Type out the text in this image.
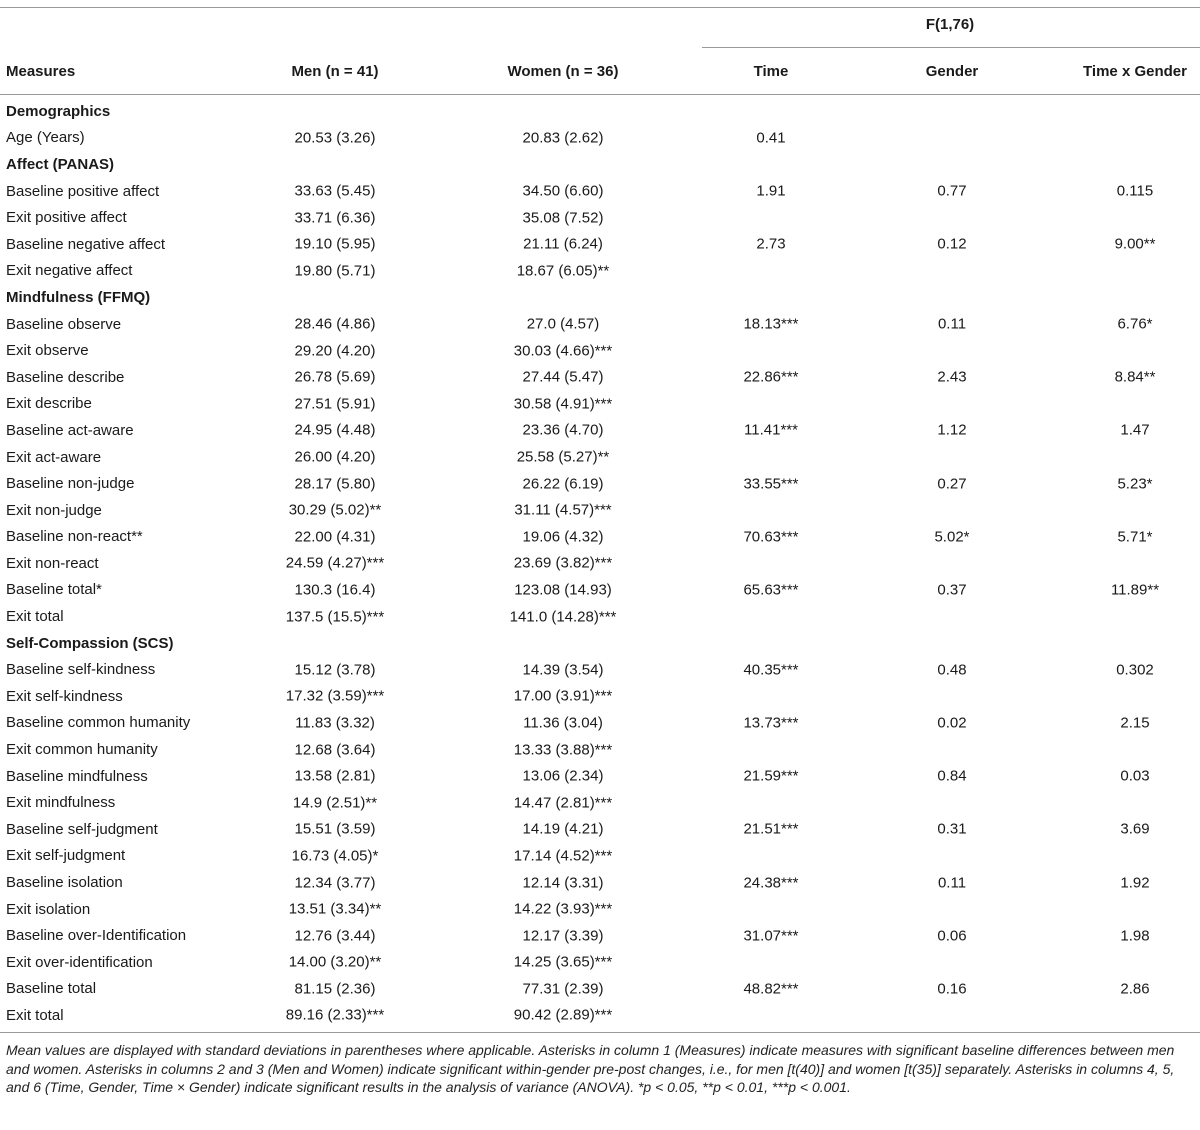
F(1,76)
Measures	Men (n = 41)	Women (n = 36)	Time	Gender	Time x Gender
Demographics
Age (Years)	20.53 (3.26)	20.83 (2.62)	0.41

Affect (PANAS)
Baseline positive affect	33.63 (5.45)	34.50 (6.60)	1.91	0.77	0.115

Exit positive affect	33.71 (6.36)	35.08 (7.52)

Baseline negative affect	19.10 (5.95)	21.11 (6.24)	2.73	0.12	9.00**

Exit negative affect	19.80 (5.71)	18.67 (6.05)**

Mindfulness (FFMQ)
Baseline observe	28.46 (4.86)	27.0 (4.57)	18.13***	0.11	6.76*

Exit observe	29.20 (4.20)	30.03 (4.66)***

Baseline describe	26.78 (5.69)	27.44 (5.47)	22.86***	2.43	8.84**

Exit describe	27.51 (5.91)	30.58 (4.91)***

Baseline act-aware	24.95 (4.48)	23.36 (4.70)	11.41***	1.12	1.47

Exit act-aware	26.00 (4.20)	25.58 (5.27)**

Baseline non-judge	28.17 (5.80)	26.22 (6.19)	33.55***	0.27	5.23*

Exit non-judge	30.29 (5.02)**	31.11 (4.57)***

Baseline non-react**	22.00 (4.31)	19.06 (4.32)	70.63***	5.02*	5.71*

Exit non-react	24.59 (4.27)***	23.69 (3.82)***

Baseline total*	130.3 (16.4)	123.08 (14.93)	65.63***	0.37	11.89**

Exit total	137.5 (15.5)***	141.0 (14.28)***

Self-Compassion (SCS)
Baseline self-kindness	15.12 (3.78)	14.39 (3.54)	40.35***	0.48	0.302

Exit self-kindness	17.32 (3.59)***	17.00 (3.91)***

Baseline common humanity	11.83 (3.32)	11.36 (3.04)	13.73***	0.02	2.15

Exit common humanity	12.68 (3.64)	13.33 (3.88)***

Baseline mindfulness	13.58 (2.81)	13.06 (2.34)	21.59***	0.84	0.03

Exit mindfulness	14.9 (2.51)**	14.47 (2.81)***

Baseline self-judgment	15.51 (3.59)	14.19 (4.21)	21.51***	0.31	3.69

Exit self-judgment	16.73 (4.05)*	17.14 (4.52)***

Baseline isolation	12.34 (3.77)	12.14 (3.31)	24.38***	0.11	1.92

Exit isolation	13.51 (3.34)**	14.22 (3.93)***

Baseline over-Identification	12.76 (3.44)	12.17 (3.39)	31.07***	0.06	1.98

Exit over-identification	14.00 (3.20)**	14.25 (3.65)***

Baseline total	81.15 (2.36)	77.31 (2.39)	48.82***	0.16	2.86

Exit total	89.16 (2.33)***	90.42 (2.89)***
Mean values are displayed with standard deviations in parentheses where applicable. Asterisks in column 1 (Measures) indicate measures with significant baseline differences between men and women. Asterisks in columns 2 and 3 (Men and Women) indicate significant within-gender pre-post changes, i.e., for men [t(40)] and women [t(35)] separately. Asterisks in columns 4, 5, and 6 (Time, Gender, Time × Gender) indicate significant results in the analysis of variance (ANOVA). *p < 0.05, **p < 0.01, ***p < 0.001.
